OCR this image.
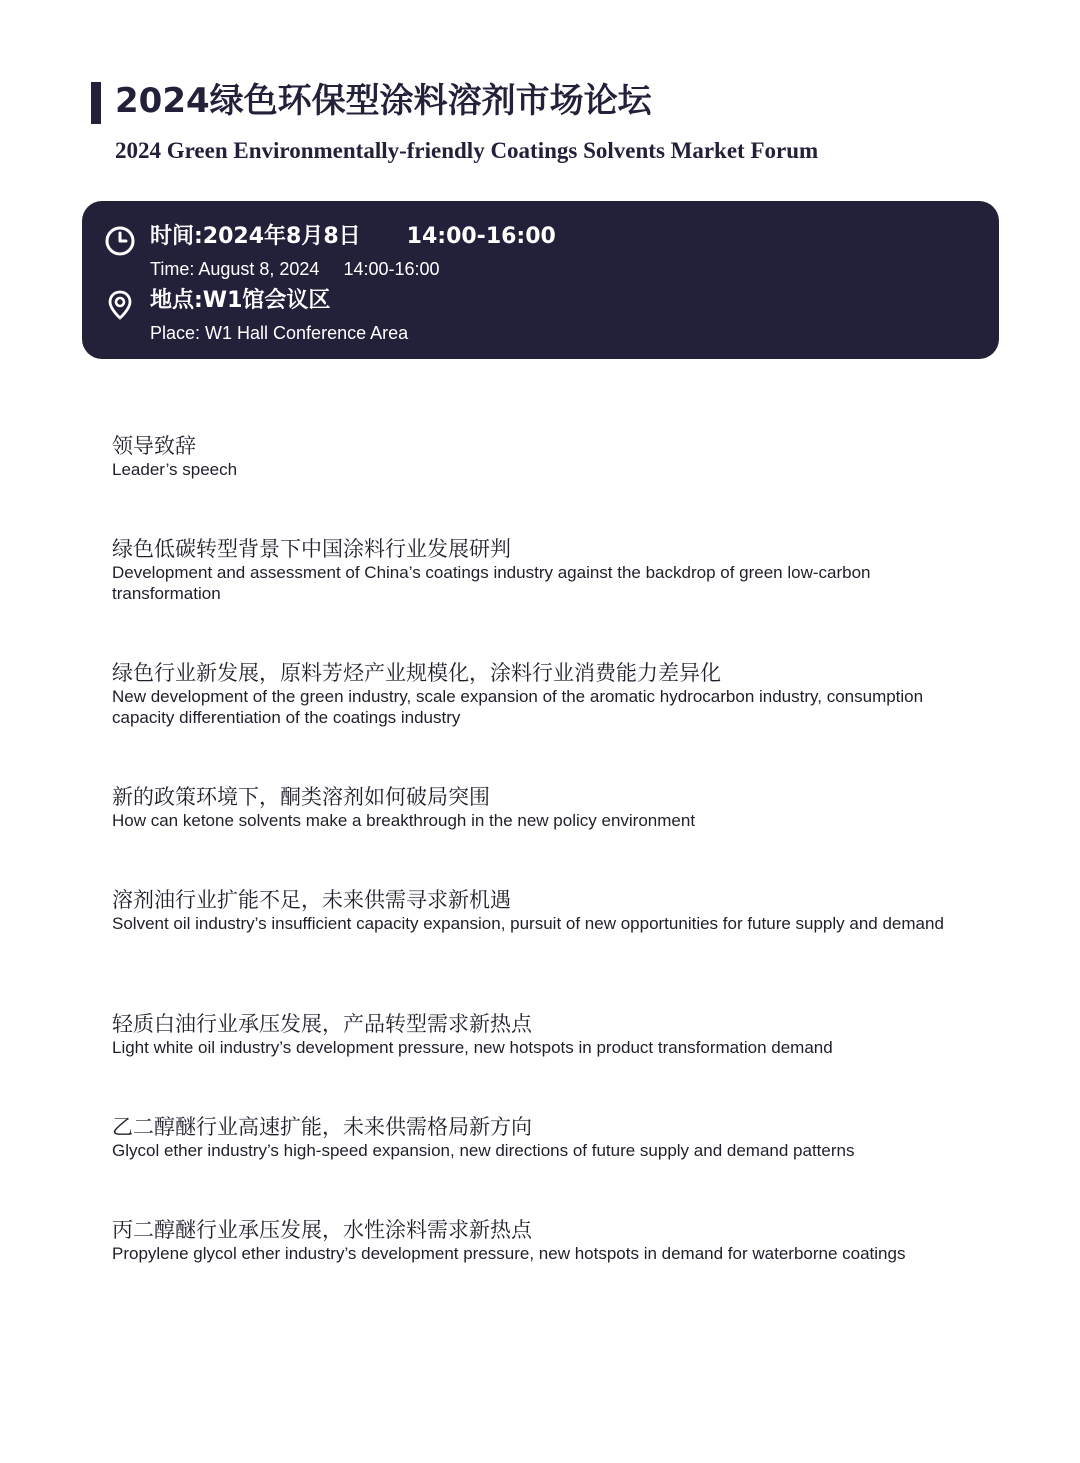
2024绿色环保型涂料溶剂市场论坛
2024 Green Environmentally-friendly Coatings Solvents Market Forum
时间:2024年8月8日 14:00-16:00
Time: August 8, 2024 14:00-16:00
地点:W1馆会议区
Place: W1 Hall Conference Area
领导致辞
Leader’s speech
绿色低碳转型背景下中国涂料行业发展研判
Development and assessment of China’s coatings industry against the backdrop of green low-carbon transformation
绿色行业新发展，原料芳烃产业规模化，涂料行业消费能力差异化
New development of the green industry, scale expansion of the aromatic hydrocarbon industry, consumption capacity differentiation of the coatings industry
新的政策环境下，酮类溶剂如何破局突围
How can ketone solvents make a breakthrough in the new policy environment
溶剂油行业扩能不足，未来供需寻求新机遇
Solvent oil industry’s insufficient capacity expansion, pursuit of new opportunities for future supply and demand
轻质白油行业承压发展，产品转型需求新热点
Light white oil industry’s development pressure, new hotspots in product transformation demand
乙二醇醚行业高速扩能，未来供需格局新方向
Glycol ether industry’s high-speed expansion, new directions of future supply and demand patterns
丙二醇醚行业承压发展，水性涂料需求新热点
Propylene glycol ether industry’s development pressure, new hotspots in demand for waterborne coatings
